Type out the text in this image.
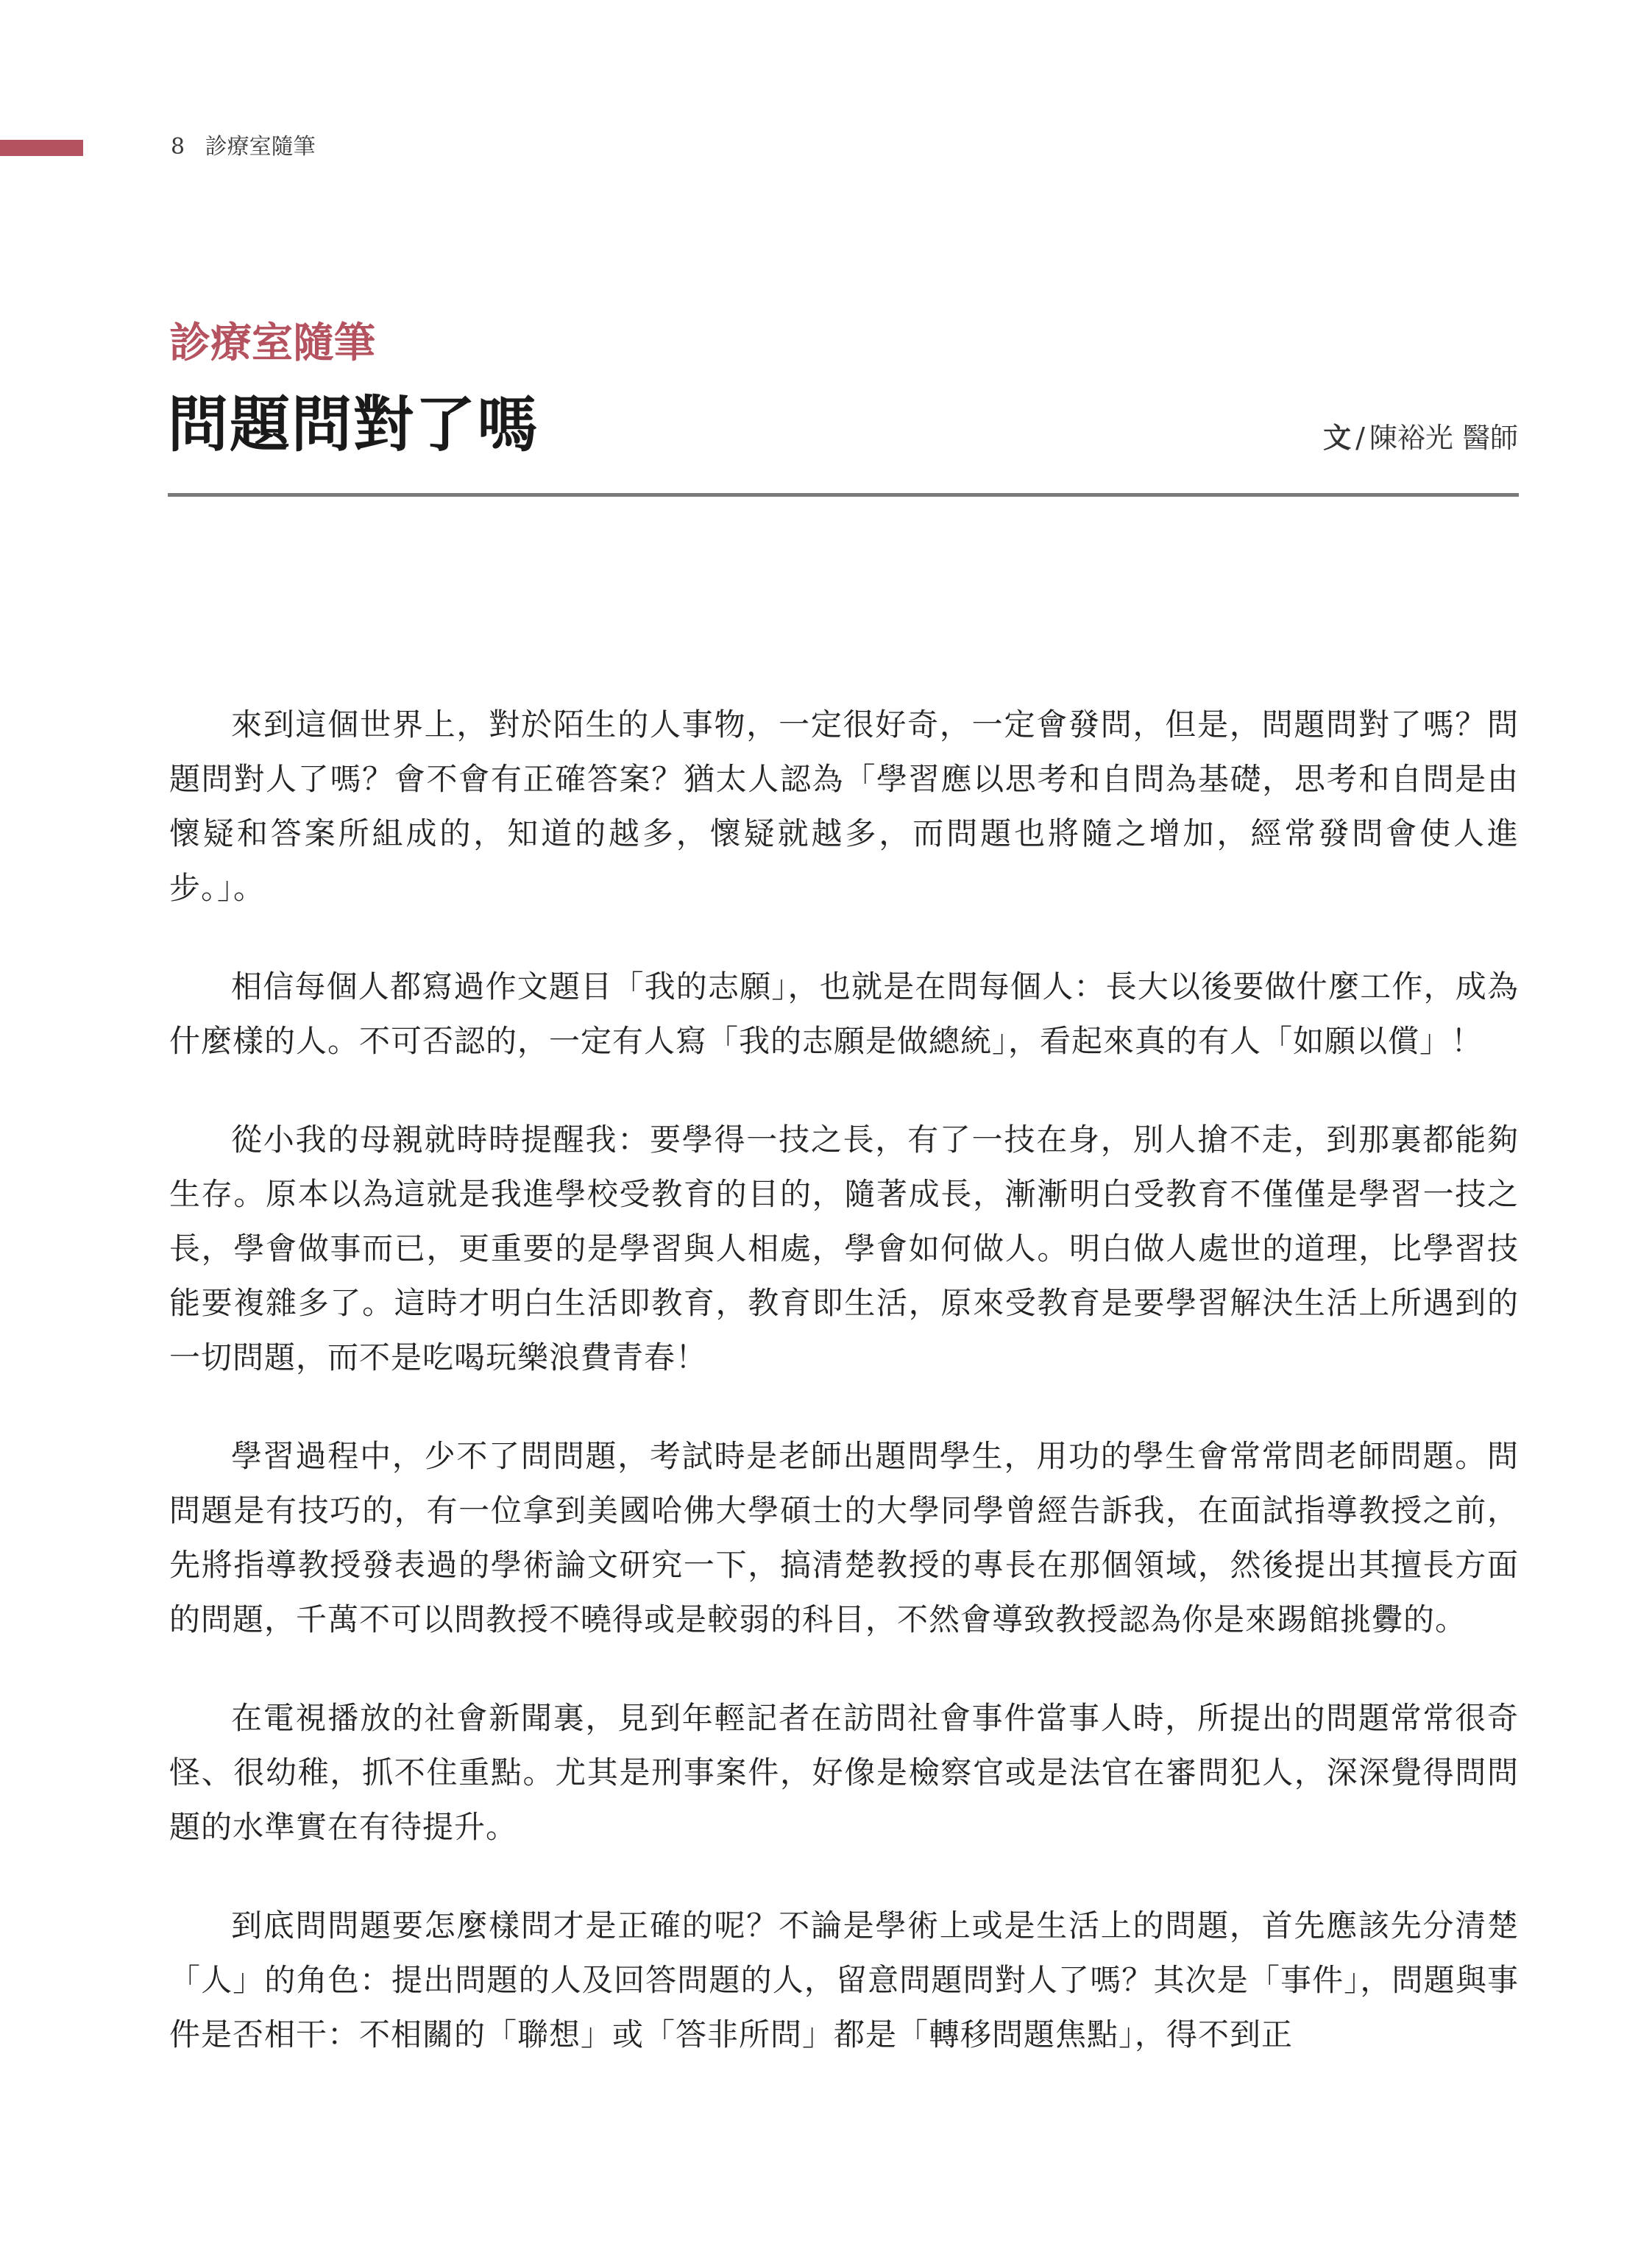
8 診療室隨筆
診療室隨筆
問題問對了嗎	文 / 陳裕光 醫師

來到這個世界上，對於陌生的人事物，一定很好奇，一定會發問，但是，問題問對了嗎？問題問對人了嗎？會不會有正確答案？猶太人認為「學習應以思考和自問為基礎，思考和自問是由懷疑和答案所組成的，知道的越多，懷疑就越多，而問題也將隨之增加，經常發問會使人進步。」。

相信每個人都寫過作文題目「我的志願」，也就是在問每個人：長大以後要做什麼工作，成為什麼樣的人。不可否認的，一定有人寫「我的志願是做總統」，看起來真的有人「如願以償」！

從小我的母親就時時提醒我：要學得一技之長，有了一技在身，別人搶不走，到那裏都能夠生存。原本以為這就是我進學校受教育的目的，隨著成長，漸漸明白受教育不僅僅是學習一技之長，學會做事而已，更重要的是學習與人相處，學會如何做人。明白做人處世的道理，比學習技能要複雜多了。這時才明白生活即教育，教育即生活，原來受教育是要學習解決生活上所遇到的一切問題，而不是吃喝玩樂浪費青春！

學習過程中，少不了問問題，考試時是老師出題問學生，用功的學生會常常問老師問題。問問題是有技巧的，有一位拿到美國哈佛大學碩士的大學同學曾經告訴我，在面試指導教授之前，先將指導教授發表過的學術論文研究一下，搞清楚教授的專長在那個領域，然後提出其擅長方面的問題，千萬不可以問教授不曉得或是較弱的科目，不然會導致教授認為你是來踢館挑釁的。

在電視播放的社會新聞裏，見到年輕記者在訪問社會事件當事人時，所提出的問題常常很奇怪、很幼稚，抓不住重點。尤其是刑事案件，好像是檢察官或是法官在審問犯人，深深覺得問問題的水準實在有待提升。

到底問問題要怎麼樣問才是正確的呢？不論是學術上或是生活上的問題，首先應該先分清楚「人」的角色：提出問題的人及回答問題的人，留意問題問對人了嗎？其次是「事件」，問題與事件是否相干：不相關的「聯想」或「答非所問」都是「轉移問題焦點」，得不到正
